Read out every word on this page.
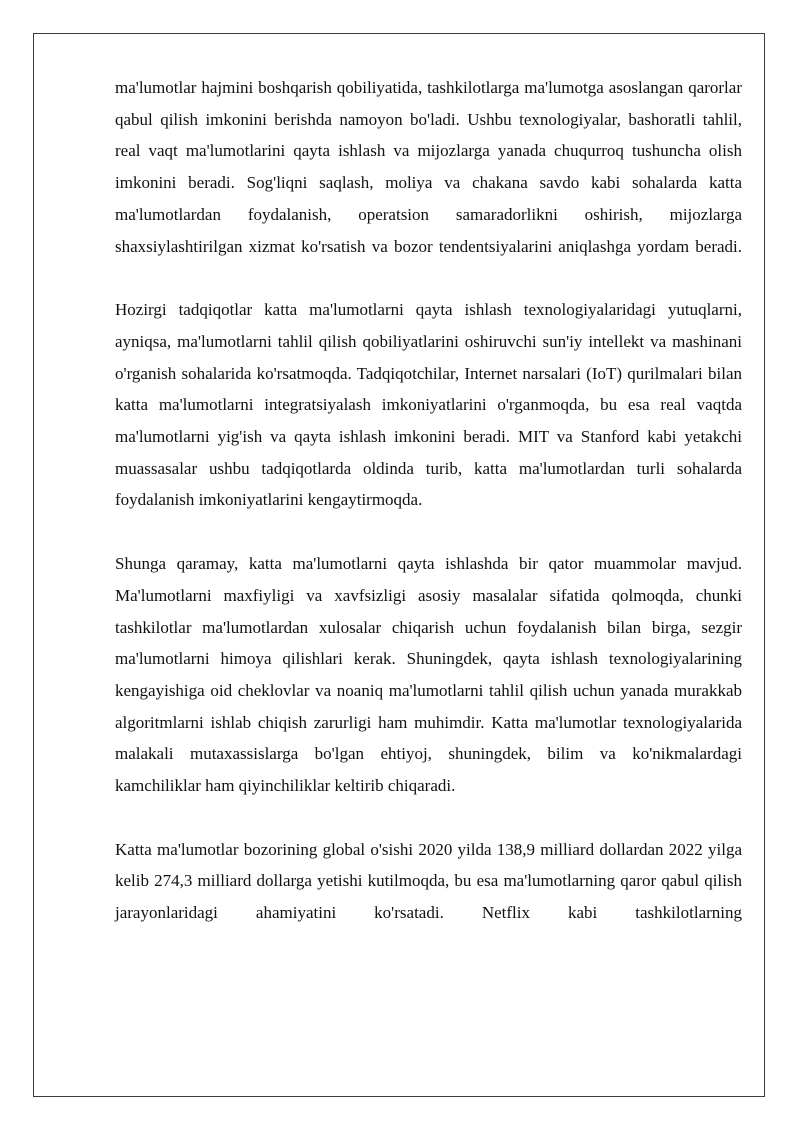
ma'lumotlar hajmini boshqarish qobiliyatida, tashkilotlarga ma'lumotga asoslangan qarorlar qabul qilish imkonini berishda namoyon bo'ladi. Ushbu texnologiyalar, bashoratli tahlil, real vaqt ma'lumotlarini qayta ishlash va mijozlarga yanada chuqurroq tushuncha olish imkonini beradi. Sog'liqni saqlash, moliya va chakana savdo kabi sohalarda katta ma'lumotlardan foydalanish, operatsion samaradorlikni oshirish, mijozlarga shaxsiylashtirilgan xizmat ko'rsatish va bozor tendentsiyalarini aniqlashga yordam beradi.

Hozirgi tadqiqotlar katta ma'lumotlarni qayta ishlash texnologiyalaridagi yutuqlarni, ayniqsa, ma'lumotlarni tahlil qilish qobiliyatlarini oshiruvchi sun'iy intellekt va mashinani o'rganish sohalarida ko'rsatmoqda. Tadqiqotchilar, Internet narsalari (IoT) qurilmalari bilan katta ma'lumotlarni integratsiyalash imkoniyatlarini o'rganmoqda, bu esa real vaqtda ma'lumotlarni yig'ish va qayta ishlash imkonini beradi. MIT va Stanford kabi yetakchi muassasalar ushbu tadqiqotlarda oldinda turib, katta ma'lumotlardan turli sohalarda foydalanish imkoniyatlarini kengaytirmoqda.

Shunga qaramay, katta ma'lumotlarni qayta ishlashda bir qator muammolar mavjud. Ma'lumotlarni maxfiyligi va xavfsizligi asosiy masalalar sifatida qolmoqda, chunki tashkilotlar ma'lumotlardan xulosalar chiqarish uchun foydalanish bilan birga, sezgir ma'lumotlarni himoya qilishlari kerak. Shuningdek, qayta ishlash texnologiyalarining kengayishiga oid cheklovlar va noaniq ma'lumotlarni tahlil qilish uchun yanada murakkab algoritmlarni ishlab chiqish zarurligi ham muhimdir. Katta ma'lumotlar texnologiyalarida malakali mutaxassislarga bo'lgan ehtiyoj, shuningdek, bilim va ko'nikmalardagi kamchiliklar ham qiyinchiliklar keltirib chiqaradi.

Katta ma'lumotlar bozorining global o'sishi 2020 yilda 138,9 milliard dollardan 2022 yilga kelib 274,3 milliard dollarga yetishi kutilmoqda, bu esa ma'lumotlarning qaror qabul qilish jarayonlaridagi ahamiyatini ko'rsatadi. Netflix kabi tashkilotlarning
